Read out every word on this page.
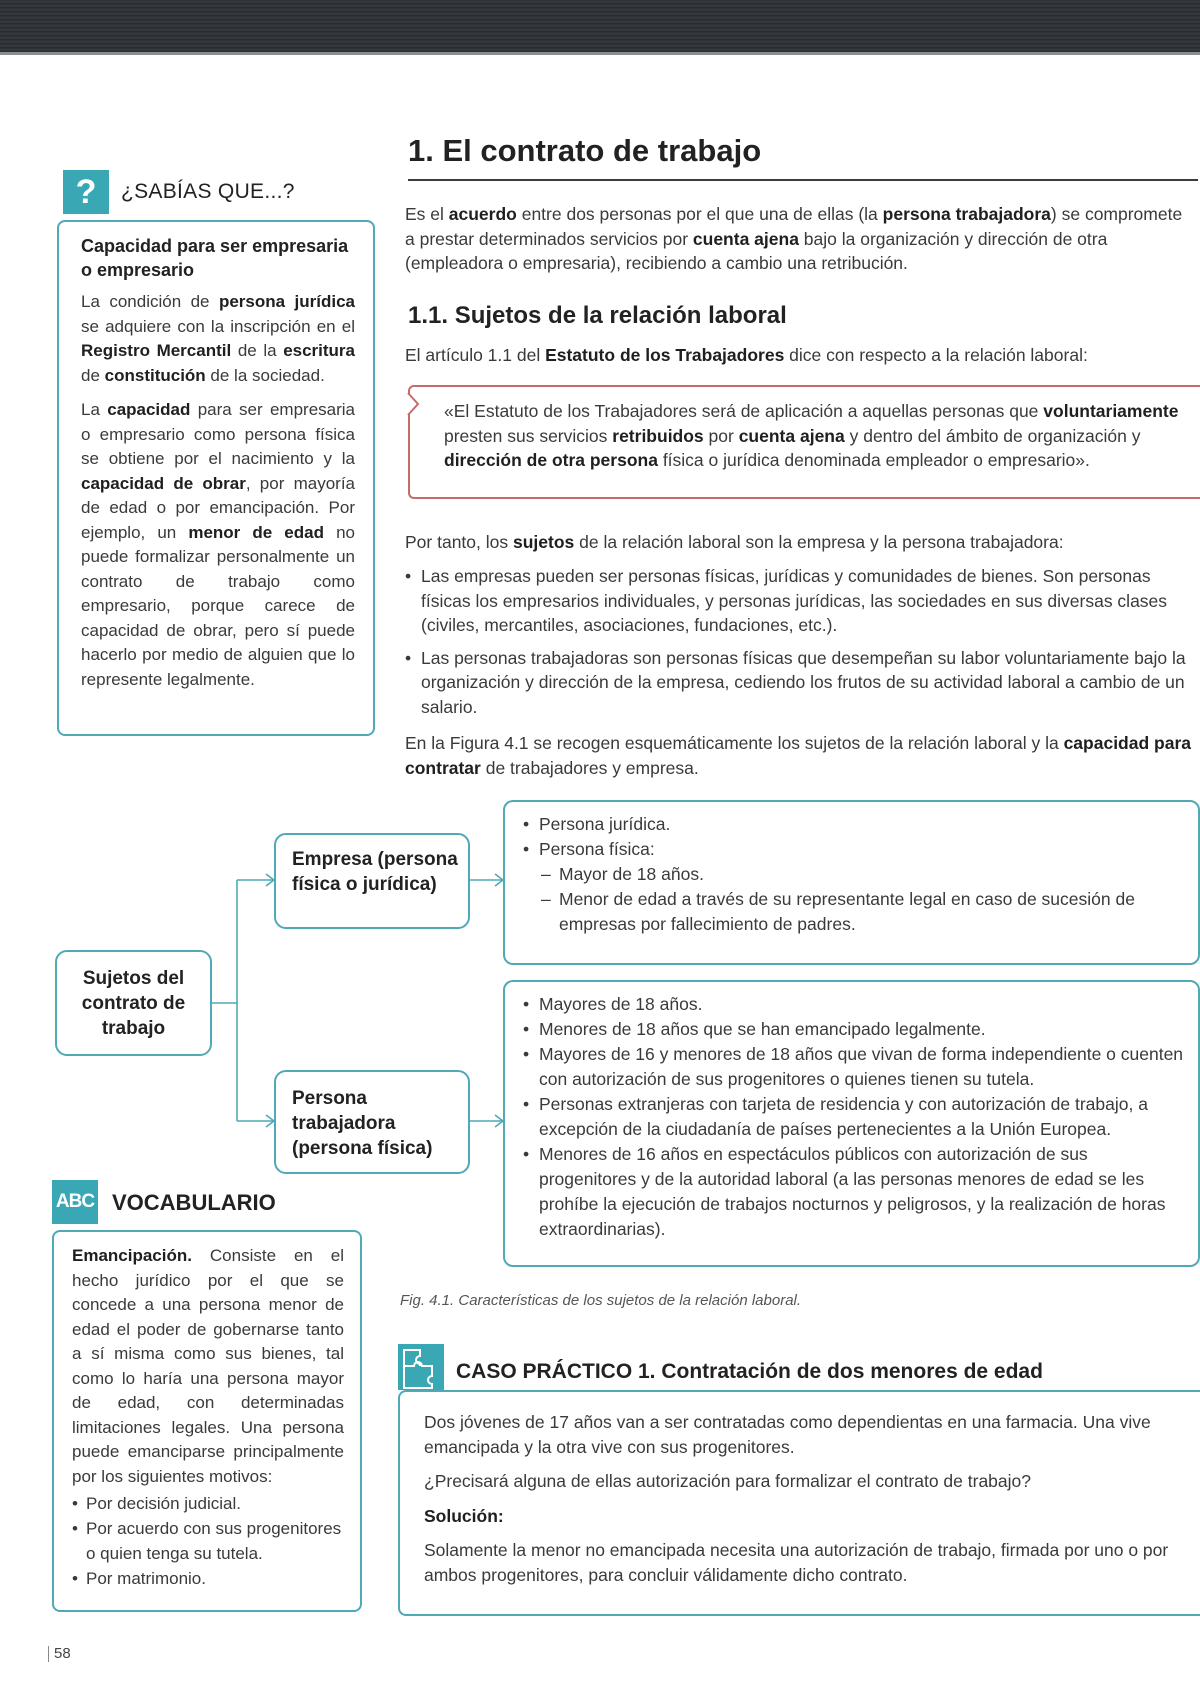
?	¿SABÍAS QUE...?

Capacidad para ser empresaria o empresario

La condición de persona jurídica se adquiere con la inscripción en el Registro Mercantil de la escritura de constitución de la sociedad.

La capacidad para ser empresaria o empresario como persona física se obtiene por el nacimiento y la capacidad de obrar, por mayoría de edad o por emancipación. Por ejemplo, un menor de edad no puede formalizar personalmente un contrato de trabajo como empresario, porque carece de capacidad de obrar, pero sí puede hacerlo por medio de alguien que lo represente legalmente.

1. El contrato de trabajo
Es el acuerdo entre dos personas por el que una de ellas (la persona trabajadora) se compromete a prestar determinados servicios por cuenta ajena bajo la organización y dirección de otra (empleadora o empresaria), recibiendo a cambio una retribución.
1.1. Sujetos de la relación laboral
El artículo 1.1 del Estatuto de los Trabajadores dice con respecto a la relación laboral:
«El Estatuto de los Trabajadores será de aplicación a aquellas personas que voluntariamente presten sus servicios retribuidos por cuenta ajena y dentro del ámbito de organización y dirección de otra persona física o jurídica denominada empleador o empresario».
Por tanto, los sujetos de la relación laboral son la empresa y la persona trabajadora:
• Las empresas pueden ser personas físicas, jurídicas y comunidades de bienes. Son personas físicas los empresarios individuales, y personas jurídicas, las sociedades en sus diversas clases (civiles, mercantiles, asociaciones, fundaciones, etc.).
• Las personas trabajadoras son personas físicas que desempeñan su labor voluntariamente bajo la organización y dirección de la empresa, cediendo los frutos de su actividad laboral a cambio de un salario.
En la Figura 4.1 se recogen esquemáticamente los sujetos de la relación laboral y la capacidad para contratar de trabajadores y empresa.
Sujetos del contrato de trabajo
Empresa (persona física o jurídica)
Persona trabajadora (persona física)
• Persona jurídica.
• Persona física:
– Mayor de 18 años.
– Menor de edad a través de su representante legal en caso de sucesión de empresas por fallecimiento de padres.
• Mayores de 18 años.
• Menores de 18 años que se han emancipado legalmente.
• Mayores de 16 y menores de 18 años que vivan de forma independiente o cuenten con autorización de sus progenitores o quienes tienen su tutela.
• Personas extranjeras con tarjeta de residencia y con autorización de trabajo, a excepción de la ciudadanía de países pertenecientes a la Unión Europea.
• Menores de 16 años en espectáculos públicos con autorización de sus progenitores y de la autoridad laboral (a las personas menores de edad se les prohíbe la ejecución de trabajos nocturnos y peligrosos, y la realización de horas extraordinarias).
Fig. 4.1. Características de los sujetos de la relación laboral.
ABC VOCABULARIO

Emancipación. Consiste en el hecho jurídico por el que se concede a una persona menor de edad el poder de gobernarse tanto a sí misma como sus bienes, tal como lo haría una persona mayor de edad, con determinadas limitaciones legales. Una persona puede emanciparse principalmente por los siguientes motivos:

• Por decisión judicial.
• Por acuerdo con sus progenitores o quien tenga su tutela.
• Por matrimonio.
CASO PRÁCTICO 1. Contratación de dos menores de edad

Dos jóvenes de 17 años van a ser contratadas como dependientas en una farmacia. Una vive emancipada y la otra vive con sus progenitores.

¿Precisará alguna de ellas autorización para formalizar el contrato de trabajo?

Solución:

Solamente la menor no emancipada necesita una autorización de trabajo, firmada por uno o por ambos progenitores, para concluir válidamente dicho contrato.

58
